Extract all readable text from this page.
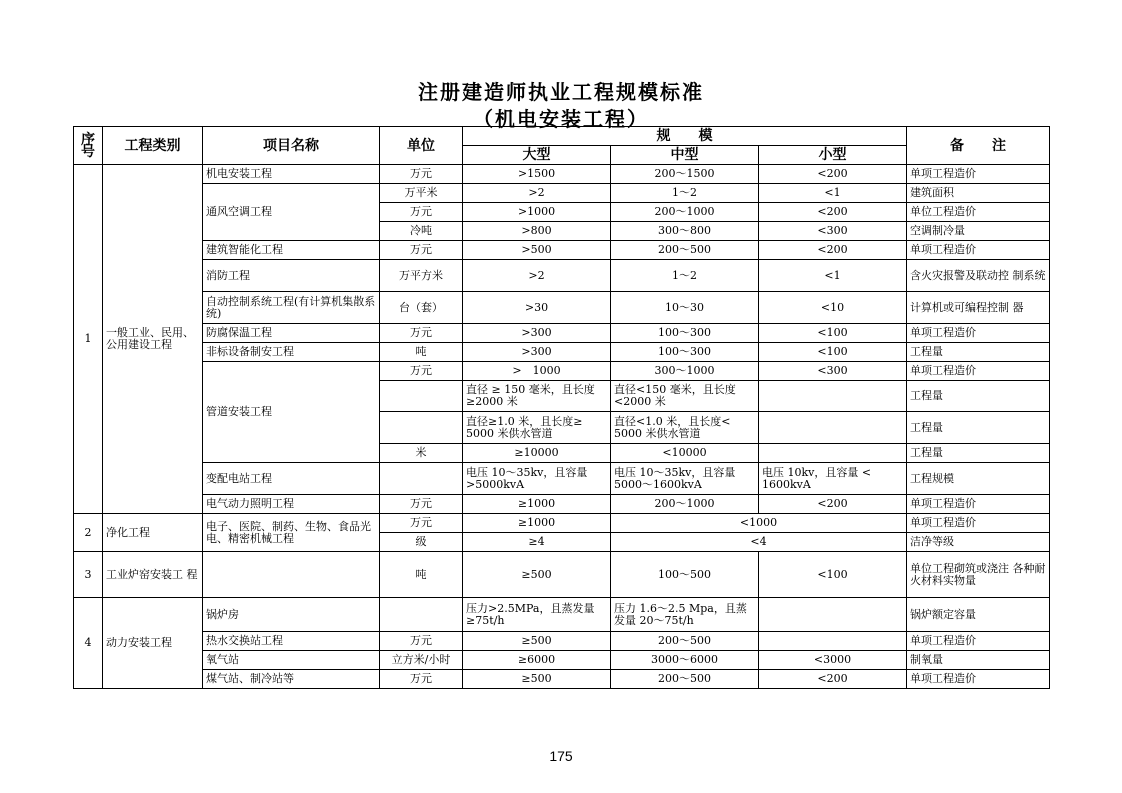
注册建造师执业工程规模标准
（机电安装工程）
序号	工程类别	项目名称	单位	规　　模			备　　注
				大型	中型	小型	
1	一般工业、民用、公用建设工程	机电安装工程	万元	>1500	200～1500	<200	单项工程造价
		通风空调工程	万平米	>2	1～2	<1	建筑面积
			万元	>1000	200～1000	<200	单位工程造价
			冷吨	>800	300～800	<300	空调制冷量
		建筑智能化工程	万元	>500	200～500	<200	单项工程造价
		消防工程	万平方米	>2	1～2	<1	含火灾报警及联动控 制系统
		自动控制系统工程(有计算机集散系统)	台（套）	>30	10～30	<10	计算机或可编程控制 器
		防腐保温工程	万元	>300	100～300	<100	单项工程造价
		非标设备制安工程	吨	>300	100～300	<100	工程量
		管道安装工程	万元	>　1000	300～1000	<300	单项工程造价
				直径 ≥ 150 毫米，且长度 ≥2000 米	直径<150 毫米，且长度 <2000 米		工程量
				直径≥1.0 米，且长度≥ 5000 米供水管道	直径<1.0 米，且长度< 5000 米供水管道		工程量
			米	≥10000	<10000		工程量
		变配电站工程		电压 10～35kv，且容量 >5000kvA	电压 10～35kv，且容量 5000～1600kvA	电压 10kv，且容量 < 1600kvA	工程规模
		电气动力照明工程	万元	≥1000	200～1000	<200	单项工程造价
2	净化工程	电子、医院、制药、生物、食品光电、精密机械工程	万元	≥1000	<1000		单项工程造价
			级	≥4	<4		洁净等级
3	工业炉窑安装工 程		吨	≥500	100～500	<100	单位工程砌筑或浇注 各种耐火材料实物量
4	动力安装工程	锅炉房		压力>2.5MPa，且蒸发量≥75t/h	压力 1.6～2.5 Mpa，且蒸发量 20～75t/h		锅炉额定容量
		热水交换站工程	万元	≥500	200～500		单项工程造价
		氧气站	立方米/小时	≥6000	3000～6000	<3000	制氧量
		煤气站、制冷站等	万元	≥500	200～500	<200	单项工程造价
175
